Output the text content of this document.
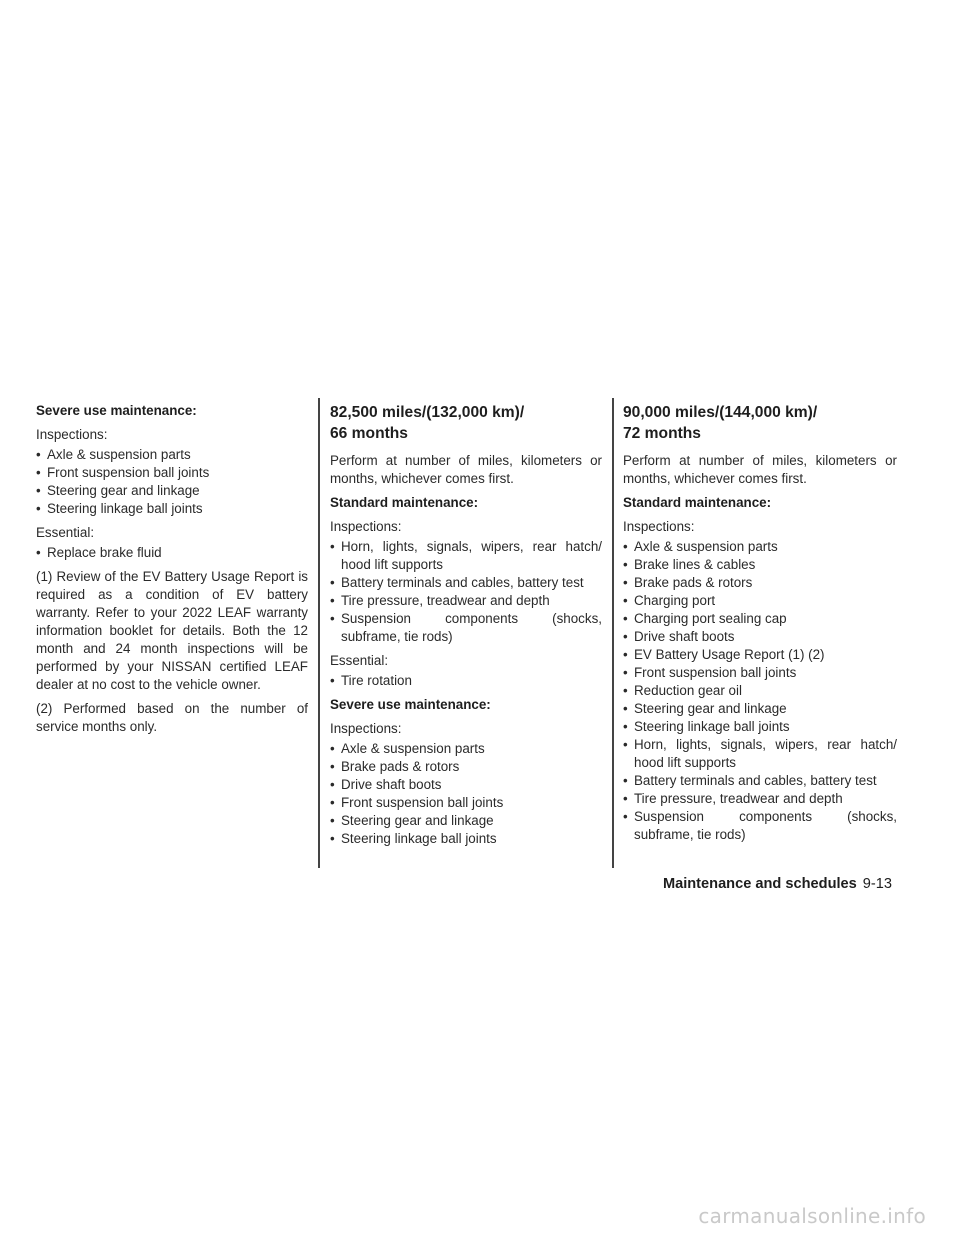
Severe use maintenance:
Inspections:
• Axle & suspension parts
• Front suspension ball joints
• Steering gear and linkage
• Steering linkage ball joints
Essential:
• Replace brake fluid

(1) Review of the EV Battery Usage Report is required as a condition of EV battery warranty. Refer to your 2022 LEAF warranty information booklet for details. Both the 12 month and 24 month inspections will be performed by your NISSAN certified LEAF dealer at no cost to the vehicle owner.

(2) Performed based on the number of service months only.

82,500 miles/(132,000 km)/
66 months

Perform at number of miles, kilometers or months, whichever comes first.

Standard maintenance:
Inspections:
• Horn, lights, signals, wipers, rear hatch/ hood lift supports
• Battery terminals and cables, battery test
• Tire pressure, treadwear and depth
• Suspension components (shocks, subframe, tie rods)
Essential:
• Tire rotation
Severe use maintenance:
Inspections:
• Axle & suspension parts
• Brake pads & rotors
• Drive shaft boots
• Front suspension ball joints
• Steering gear and linkage
• Steering linkage ball joints
90,000 miles/(144,000 km)/
72 months

Perform at number of miles, kilometers or months, whichever comes first.

Standard maintenance:
Inspections:
• Axle & suspension parts
• Brake lines & cables
• Brake pads & rotors
• Charging port
• Charging port sealing cap
• Drive shaft boots
• EV Battery Usage Report (1) (2)
• Front suspension ball joints
• Reduction gear oil
• Steering gear and linkage
• Steering linkage ball joints
• Horn, lights, signals, wipers, rear hatch/ hood lift supports
• Battery terminals and cables, battery test
• Tire pressure, treadwear and depth
• Suspension components (shocks, subframe, tie rods)
Maintenance and schedules 9-13
carmanualsonline.info
